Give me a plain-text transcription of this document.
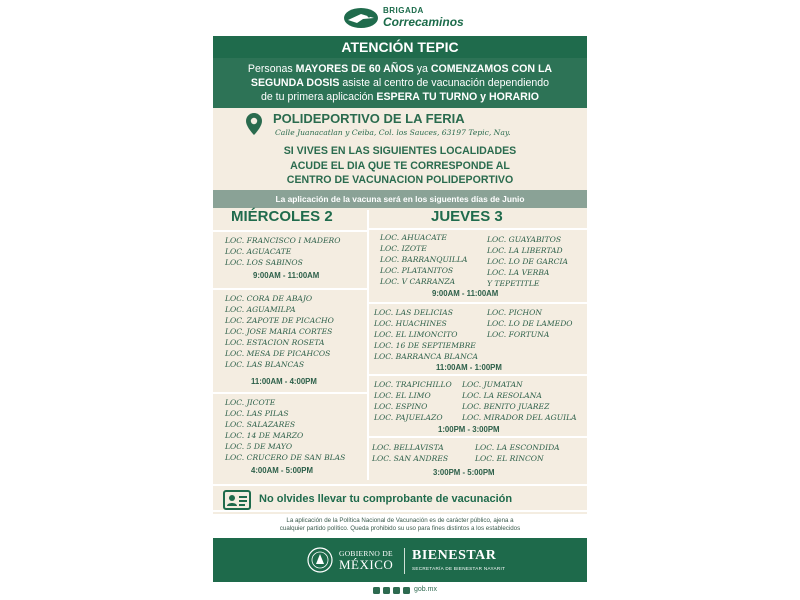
BRIGADA
Correcaminos
ATENCIÓN TEPIC
Personas MAYORES DE 60 AÑOS ya COMENZAMOS CON LA
SEGUNDA DOSIS asiste al centro de vacunación dependiendo
de tu primera aplicación ESPERA TU TURNO y HORARIO
POLIDEPORTIVO DE LA FERIA
Calle Juanacatlan y Ceiba, Col. los Sauces, 63197 Tepic, Nay.
SI VIVES EN LAS SIGUIENTES LOCALIDADES
ACUDE EL DIA QUE TE CORRESPONDE AL
CENTRO DE VACUNACION POLIDEPORTIVO
La aplicación de la vacuna será en los siguentes días de Junio
MIÉRCOLES 2	JUEVES 3
LOC. FRANCISCO I MADERO
LOC. AGUACATE
LOC. LOS SABINOS
9:00AM - 11:00AM
LOC. CORA DE ABAJO
LOC. AGUAMILPA
LOC. ZAPOTE DE PICACHO
LOC. JOSE MARIA CORTES
LOC. ESTACION ROSETA
LOC. MESA DE PICAHCOS
LOC. LAS BLANCAS
11:00AM - 4:00PM
LOC. JICOTE
LOC. LAS PILAS
LOC. SALAZARES
LOC. 14 DE MARZO
LOC. 5 DE MAYO
LOC. CRUCERO DE SAN BLAS
4:00AM - 5:00PM
LOC. AHUACATE
LOC. IZOTE
LOC. BARRANQUILLA
LOC. PLATANITOS
LOC. V CARRANZA
LOC. GUAYABITOS
LOC. LA LIBERTAD
LOC. LO DE GARCIA
LOC. LA VERBA
Y TEPETITLE
9:00AM - 11:00AM
LOC. LAS DELICIAS
LOC. HUACHINES
LOC. EL LIMONCITO
LOC. 16 DE SEPTIEMBRE
LOC. BARRANCA BLANCA
LOC. PICHON
LOC. LO DE LAMEDO
LOC. FORTUNA
11:00AM - 1:00PM
LOC. TRAPICHILLO
LOC. EL LIMO
LOC. ESPINO
LOC. PAJUELAZO
LOC. JUMATAN
LOC. LA RESOLANA
LOC. BENITO JUAREZ
LOC. MIRADOR DEL AGUILA
1:00PM - 3:00PM
LOC. BELLAVISTA
LOC. SAN ANDRES
LOC. LA ESCONDIDA
LOC. EL RINCON
3:00PM - 5:00PM
No olvides llevar tu comprobante de vacunación
La aplicación de la Política Nacional de Vacunación es de carácter público, ajena a
cualquier partido político. Queda prohibido su uso para fines distintos a los establecidos
GOBIERNO DE
MÉXICO
BIENESTAR
SECRETARÍA DE BIENESTAR NAYARIT
gob.mx
